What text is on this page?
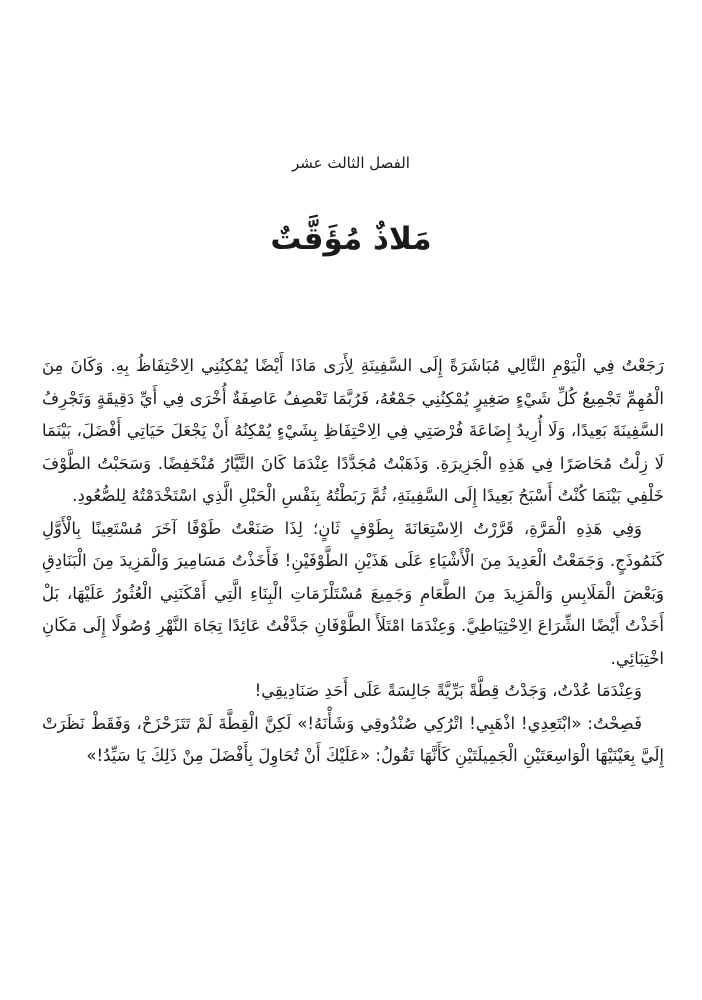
الفصل الثالث عشر
مَلاذٌ مُؤَقَّتٌ

رَجَعْتُ فِي الْيَوْمِ التَّالِي مُبَاشَرَةً إِلَى السَّفِينَةِ لِأَرَى مَاذَا أَيْضًا يُمْكِنُنِي الِاحْتِفَاظُ بِهِ. وَكَانَ مِنَ الْمُهِمِّ تَجْمِيعُ كُلِّ شَيْءٍ صَغِيرٍ يُمْكِنُنِي جَمْعُهُ، فَرُبَّمَا تَعْصِفُ عَاصِفَةٌ أُخْرَى فِي أَيِّ دَقِيقَةٍ وَتَجْرِفُ السَّفِينَةَ بَعِيدًا، وَلَا أُرِيدُ إِضَاعَةَ فُرْصَتِي فِي الِاحْتِفَاظِ بِشَيْءٍ يُمْكِنُهُ أَنْ يَجْعَلَ حَيَاتِي أَفْضَلَ، بَيْنَمَا لَا زِلْتُ مُحَاصَرًا فِي هَذِهِ الْجَزِيرَةِ. وَذَهَبْتُ مُجَدَّدًا عِنْدَمَا كَانَ التَّيَّارُ مُنْخَفِضًا. وَسَحَبْتُ الطَّوْفَ خَلْفِي بَيْنَمَا كُنْتُ أَسْبَحُ بَعِيدًا إِلَى السَّفِينَةِ، ثُمَّ رَبَطْتُهُ بِنَفْسِ الْحَبْلِ الَّذِي اسْتَخْدَمْتُهُ لِلصُّعُودِ.

وَفِي هَذِهِ الْمَرَّةِ، قَرَّرْتُ الِاسْتِعَانَةَ بِطَوْفٍ ثَانٍ؛ لِذَا صَنَعْتُ طَوْفًا آخَرَ مُسْتَعِينًا بِالْأَوَّلِ كَنَمُوذَجٍ. وَجَمَعْتُ الْعَدِيدَ مِنَ الْأَشْيَاءِ عَلَى هَذَيْنِ الطَّوْفَيْنِ! فَأَخَذْتُ مَسَامِيرَ وَالْمَزِيدَ مِنَ الْبَنَادِقِ وَبَعْضَ الْمَلَابِسِ وَالْمَزِيدَ مِنَ الطَّعَامِ وَجَمِيعَ مُسْتَلْزَمَاتِ الْبِنَاءِ الَّتِي أَمْكَنَنِي الْعُثُورُ عَلَيْهَا، بَلْ أَخَذْتُ أَيْضًا الشِّرَاعَ الِاحْتِيَاطِيَّ. وَعِنْدَمَا امْتَلَأَ الطَّوْفَانِ جَدَّفْتُ عَائِدًا تِجَاهَ النَّهْرِ وُصُولًا إِلَى مَكَانِ اخْتِبَائِي.

وَعِنْدَمَا عُدْتُ، وَجَدْتُ قِطَّةً بَرِّيَّةً جَالِسَةً عَلَى أَحَدِ صَنَادِيقِي!

فَصِحْتُ: «ابْتَعِدِي! اذْهَبِي! اتْرُكِي صُنْدُوقِي وَشَأْنَهُ!» لَكِنَّ الْقِطَّةَ لَمْ تَتَزَحْزَحْ، وَفَقَطْ نَظَرَتْ إِلَيَّ بِعَيْنَيْهَا الْوَاسِعَتَيْنِ الْجَمِيلَتَيْنِ كَأَنَّهَا تَقُولُ: «عَلَيْكَ أَنْ تُحَاوِلَ بِأَفْضَلَ مِنْ ذَلِكَ يَا سَيِّدُ!»
